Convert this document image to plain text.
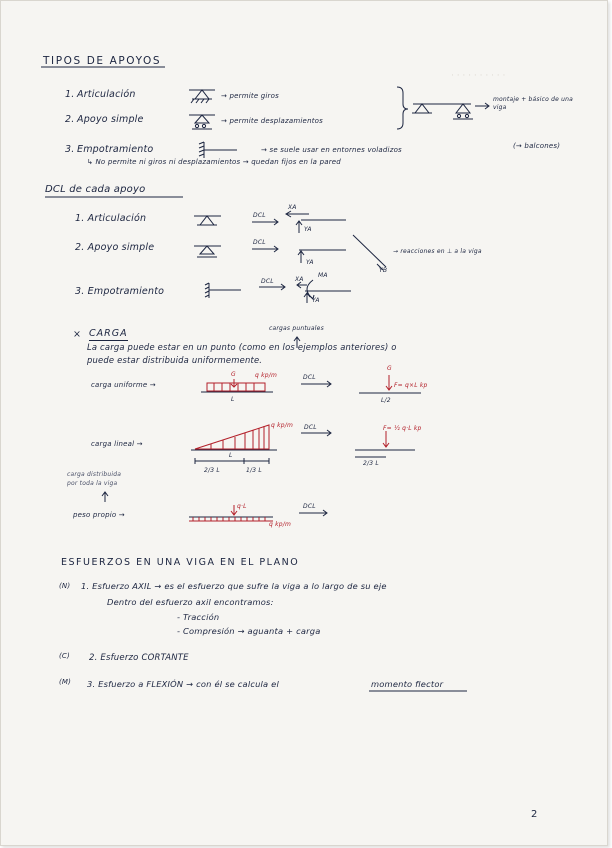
· · · · · · · · · ·
TIPOS DE APOYOS
1. Articulación	→ permite giros
2. Apoyo simple	→ permite desplazamientos
montaje + básico de una viga
3. Empotramiento	→ se suele usar en entornes voladizos	(→ balcones)
↳ No permite ni giros ni desplazamientos → quedan fijos en la pared
DCL de cada apoyo
1. Articulación	DCL
XA
YA
2. Apoyo simple	DCL
YA
→ reacciones en ⊥ a la viga
YB
3. Empotramiento
DCL	XA
MA
YA
cargas puntuales
× CARGA
La carga puede estar en un punto (como en los ejemplos anteriores) o
puede estar distribuida uniformemente.
carga uniforme →
G	q kp/m
L
DCL
G
F= q×L kp
L/2
carga lineal →
q kp/m
L
2/3 L	1/3 L
DCL	F= ½ q·L kp
2/3 L
carga distribuida
por toda la viga
peso propio →
q·L
q kp/m
DCL
ESFUERZOS EN UNA VIGA EN EL PLANO
(N) 1. Esfuerzo AXIL → es el esfuerzo que sufre la viga a lo largo de su eje
Dentro del esfuerzo axil encontramos:
- Tracción
- Compresión → aguanta + carga
(C) 2. Esfuerzo CORTANTE
(M) 3. Esfuerzo a FLEXIÓN → con él se calcula el	momento flector
2
